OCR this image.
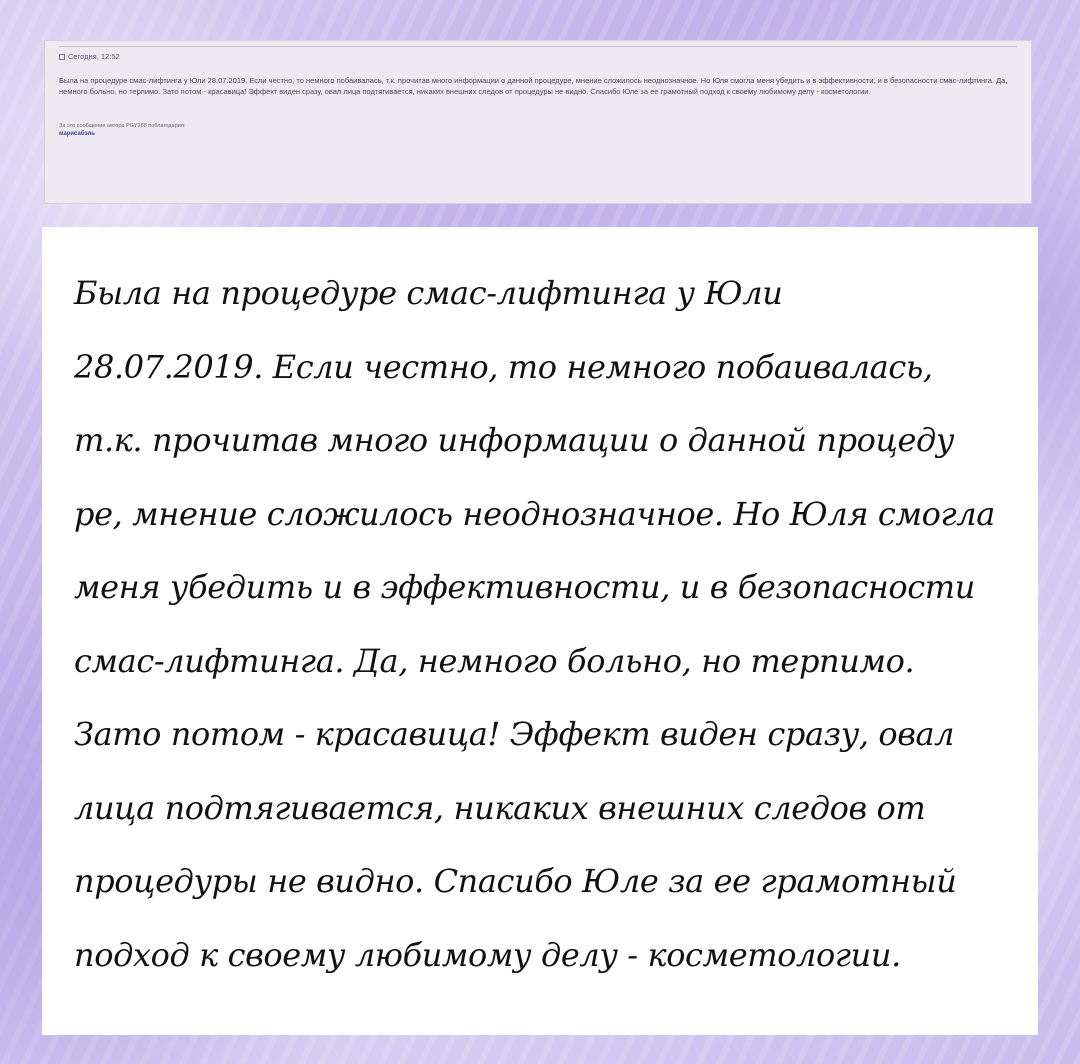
Сегодня, 12:52
Была на процедуре смас-лифтинга у Юли 28.07.2019. Если честно, то немного побаивалась, т.к. прочитав много информации о данной процедуре, мнение сложилось неоднозначное. Но Юля смогла меня убедить и в эффективности, и в безопасности смас-лифтинга. Да, немного больно, но терпимо. Зато потом - красавица! Эффект виден сразу, овал лица подтягивается, никаких внешних следов от процедуры не видно. Спасибо Юле за ее грамотный подход к своему любимому делу - косметологии.
За это сообщение автора PGY288 поблагодарил:
марисабэль
Была на процедуре смас-лифтинга у Юли
28.07.2019. Если честно, то немного побаивалась,
т.к. прочитав много информации о данной процеду
ре, мнение сложилось неоднозначное. Но Юля смогла
меня убедить и в эффективности, и в безопасности
смас-лифтинга. Да, немного больно, но терпимо.
Зато потом - красавица! Эффект виден сразу, овал
лица подтягивается, никаких внешних следов от
процедуры не видно. Спасибо Юле за ее грамотный
подход к своему любимому делу - косметологии.
